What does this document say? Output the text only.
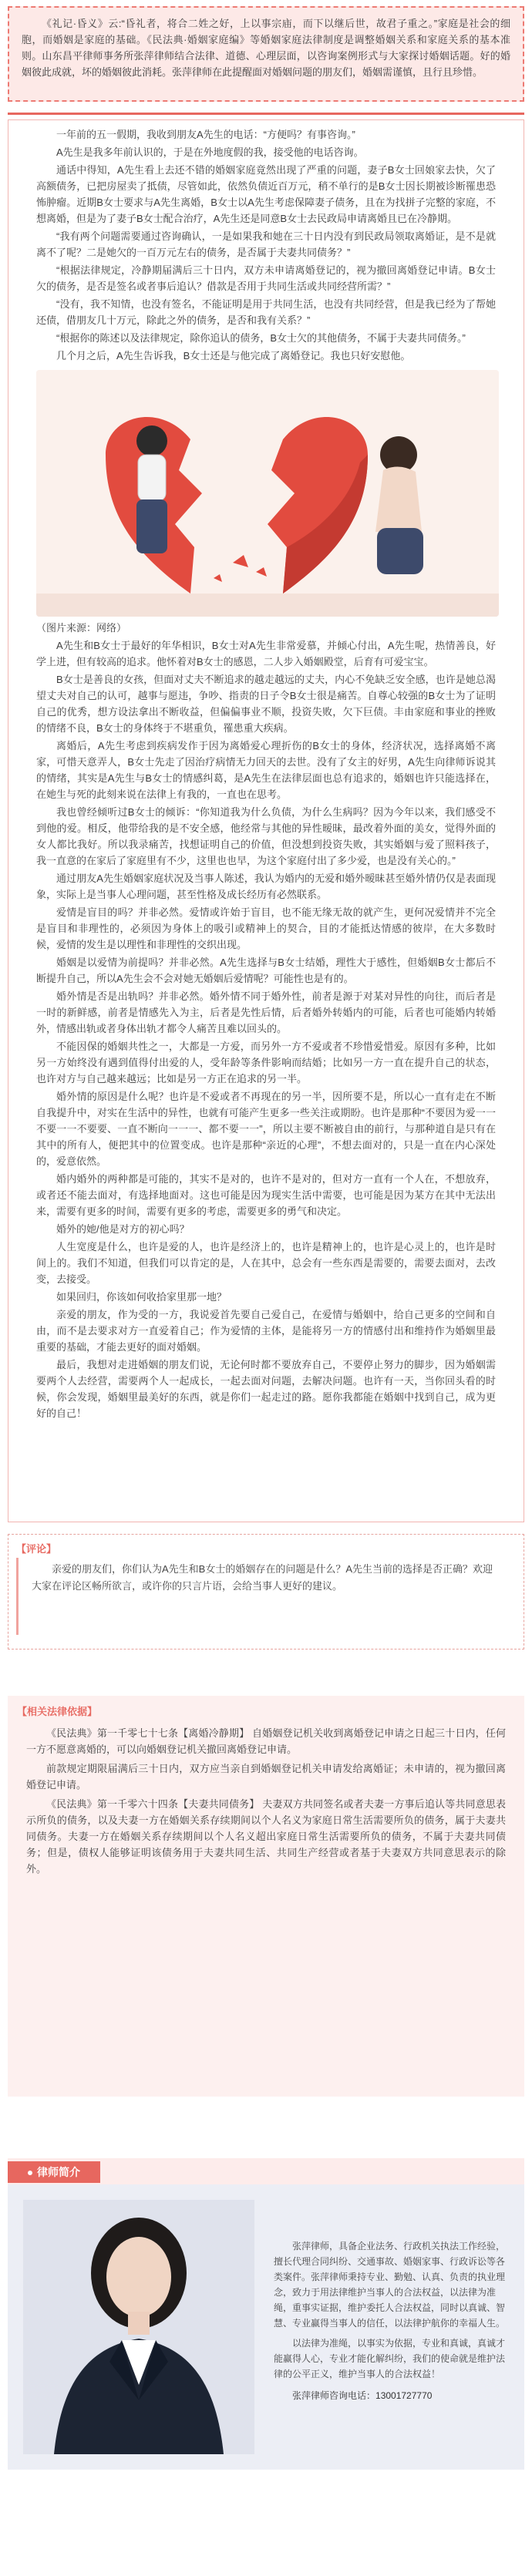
《礼记·昏义》云:“昏礼者，将合二姓之好，上以事宗庙，而下以继后世，故君子重之。”家庭是社会的细胞，而婚姻是家庭的基础。《民法典·婚姻家庭编》等婚姻家庭法律制度是调整婚姻关系和家庭关系的基本准则。山东昌平律师事务所张萍律师结合法律、道德、心理层面，以咨询案例形式与大家探讨婚姻话题。好的婚姻彼此成就，坏的婚姻彼此消耗。张萍律师在此提醒面对婚姻问题的朋友们，婚姻需谨慎，且行且珍惜。

一年前的五一假期，我收到朋友A先生的电话：“方便吗？有事咨询。”

A先生是我多年前认识的，于是在外地度假的我，接受他的电话咨询。

通话中得知，A先生看上去还不错的婚姻家庭竟然出现了严重的问题，妻子B女士回娘家去快，欠了高额债务，已把房屋卖了抵债，尽管如此，依然负债近百万元，稍不单行的是B女士因长期被诊断罹患恐怖肿瘤。近期B女士要求与A先生离婚，B女士以A先生考虑保障妻子债务，且在为找拼子完整的家庭，不想离婚，但是为了妻子B女士配合治疗，A先生还是同意B女士去民政局申请离婚且已在冷静期。

“我有两个问题需要通过咨询确认，一是如果我和她在三十日内没有到民政局领取离婚证，是不是就离不了呢？二是她欠的一百万元左右的债务，是否属于夫妻共同债务？”

“根据法律规定，冷静期届满后三十日内，双方未申请离婚登记的，视为撤回离婚登记申请。B女士欠的债务，是否是签名或者事后追认？借款是否用于共同生活或共同经营所需？”

“没有，我不知情，也没有签名，不能证明是用于共同生活，也没有共同经营，但是我已经为了帮她还债，借朋友几十万元，除此之外的债务，是否和我有关系？”

“根据你的陈述以及法律规定，除你追认的债务，B女士欠的其他债务，不属于夫妻共同债务。”

几个月之后，A先生告诉我，B女士还是与他完成了离婚登记。我也只好安慰他。

（图片来源：网络）

A先生和B女士于最好的年华相识，B女士对A先生非常爱慕，并倾心付出，A先生呢，热情善良，好学上进，但有较高的追求。他怀着对B女士的感恩，二人步入婚姻殿堂，后育有可爱宝宝。

B女士是善良的女孩，但面对丈夫不断追求的越走越远的丈夫，内心不免缺乏安全感，也许是她总渴望丈夫对自己的认可，越事与愿违，争吵、指责的日子令B女士很是痛苦。自尊心较强的B女士为了证明自己的优秀，想方设法拿出不断收益，但偏偏事业不顺，投资失败，欠下巨债。丰由家庭和事业的挫败的情绪不良，B女士的身体终于不堪重负，罹患重大疾病。

离婚后，A先生考虑到疾病发作于因为离婚爱心理折伤的B女士的身体，经济状况，选择离婚不离家，可惜天意弄人，B女士先走了因治疗病情无力回天的去世。没有了女主的好男，A先生向律师诉说其的情绪，其实是A先生与B女士的情感纠葛，是A先生在法律层面也总有追求的，婚姻也许只能选择在，在她生与死的此刻来说在法律上有我的，一直也在思考。

我也曾经倾听过B女士的倾诉：“你知道我为什么负债，为什么生病吗？因为今年以来，我们感受不到他的爱。相反，他带给我的是不安全感，他经常与其他的异性暧昧，最改着外面的美女，觉得外面的女人都比我好。所以我录痛苦，找想证明自己的价值，但没想到投资失败，其实婚姻与爱了照料孩子，我一直意的在家后了家庭里有不少，这里也也早，为这个家庭付出了多少爱，也是没有关心的。”

通过朋友A先生婚姻家庭状况及当事人陈述，我认为婚内的无爱和婚外暧昧甚至婚外情仍仅是表面现象，实际上是当事人心理问题，甚至性格及成长经历有必然联系。

爱情是盲目的吗？并非必然。爱情或许始于盲目，也不能无缘无故的就产生，更何况爱情并不完全是盲目和非理性的，必须因为身体上的吸引或精神上的契合，目的才能抵达情感的彼岸，在大多数时候，爱情的发生是以理性和非理性的交织出现。

婚姻是以爱情为前提吗？并非必然。A先生选择与B女士结婚，理性大于感性，但婚姻B女士都后不断提升自己，所以A先生会不会对她无婚姻后爱情呢？可能性也是有的。

婚外情是否是出轨吗？并非必然。婚外情不同于婚外性，前者是源于对某对异性的向往，而后者是一时的新鲜感，前者是情感先入为主，后者是先性后情，后者婚外转婚内的可能，后者也可能婚内转婚外，情感出轨或者身体出轨才都令人痛苦且难以回头的。

不能因保的婚姻共性之一，大都是一方爱，而另外一方不爱或者不珍惜爱惜爱。原因有多种，比如另一方始终没有遇到值得付出爱的人，受年龄等条件影响而结婚；比如另一方一直在提升自己的状态，也许对方与自己越来越远；比如是另一方正在追求的另一半。

婚外情的原因是什么呢？也许是不爱或者不再现在的另一半，因所要不是，所以心一直有走在不断自我提升中，对实在生活中的异性，也就有可能产生更多一些关注或期盼。也许是那种“不要因为爱一一不要一一不要要、一直不断向一一一、都不要一一”，所以主要不断被自由的前行，与那种道自是只有在其中的所有人，便把其中的位置变成。也许是那种“亲近的心理”，不想去面对的，只是一直在内心深处的，爱意依然。

婚内婚外的两种都是可能的，其实不是对的，也许不是对的，但对方一直有一个人在，不想放弃，或者还不能去面对，有选择地面对。这也可能是因为现实生活中需要，也可能是因为某方在其中无法出来，需要有更多的时间，需要有更多的考虑，需要更多的勇气和决定。

婚外的她/他是对方的初心吗？

人生宽度是什么，也许是爱的人，也许是经济上的，也许是精神上的，也许是心灵上的，也许是时间上的。我们不知道，但我们可以肯定的是，人在其中，总会有一些东西是需要的，需要去面对，去改变，去接受。

如果回归，你该如何收拾家里那一地？

亲爱的朋友，作为受的一方，我说爱首先要自己爱自己，在爱情与婚姻中，给自己更多的空间和自由，而不是去要求对方一直爱着自己；作为爱情的主体，是能将另一方的情感付出和维持作为婚姻里最重要的基础，才能去更好的面对婚姻。

最后，我想对走进婚姻的朋友们说，无论何时都不要放弃自己，不要停止努力的脚步，因为婚姻需要两个人去经营，需要两个人一起成长，一起去面对问题，去解决问题。也许有一天，当你回头看的时候，你会发现，婚姻里最美好的东西，就是你们一起走过的路。愿你我都能在婚姻中找到自己，成为更好的自己！

【评论】
亲爱的朋友们，你们认为A先生和B女士的婚姻存在的问题是什么？A先生当前的选择是否正确？欢迎大家在评论区畅所欲言，或许你的只言片语，会给当事人更好的建议。
【相关法律依据】

《民法典》第一千零七十七条【离婚冷静期】 自婚姻登记机关收到离婚登记申请之日起三十日内，任何一方不愿意离婚的，可以向婚姻登记机关撤回离婚登记申请。

前款规定期限届满后三十日内，双方应当亲自到婚姻登记机关申请发给离婚证；未申请的，视为撤回离婚登记申请。

《民法典》第一千零六十四条【夫妻共同债务】 夫妻双方共同签名或者夫妻一方事后追认等共同意思表示所负的债务，以及夫妻一方在婚姻关系存续期间以个人名义为家庭日常生活需要所负的债务，属于夫妻共同债务。夫妻一方在婚姻关系存续期间以个人名义超出家庭日常生活需要所负的债务，不属于夫妻共同债务；但是，债权人能够证明该债务用于夫妻共同生活、共同生产经营或者基于夫妻双方共同意思表示的除外。

律师简介

张萍律师，具备企业法务、行政机关执法工作经验，擅长代理合同纠纷、交通事故、婚姻家事、行政诉讼等各类案件。张萍律师秉持专业、勤勉、认真、负责的执业理念，致力于用法律维护当事人的合法权益，以法律为准绳，重事实证据，维护委托人合法权益，同时以真诚、智慧、专业赢得当事人的信任，以法律护航你的幸福人生。

以法律为准绳，以事实为依据，专业和真诚，真诚才能赢得人心，专业才能化解纠纷，我们的使命就是维护法律的公平正义，维护当事人的合法权益！

张萍律师咨询电话：13001727770
